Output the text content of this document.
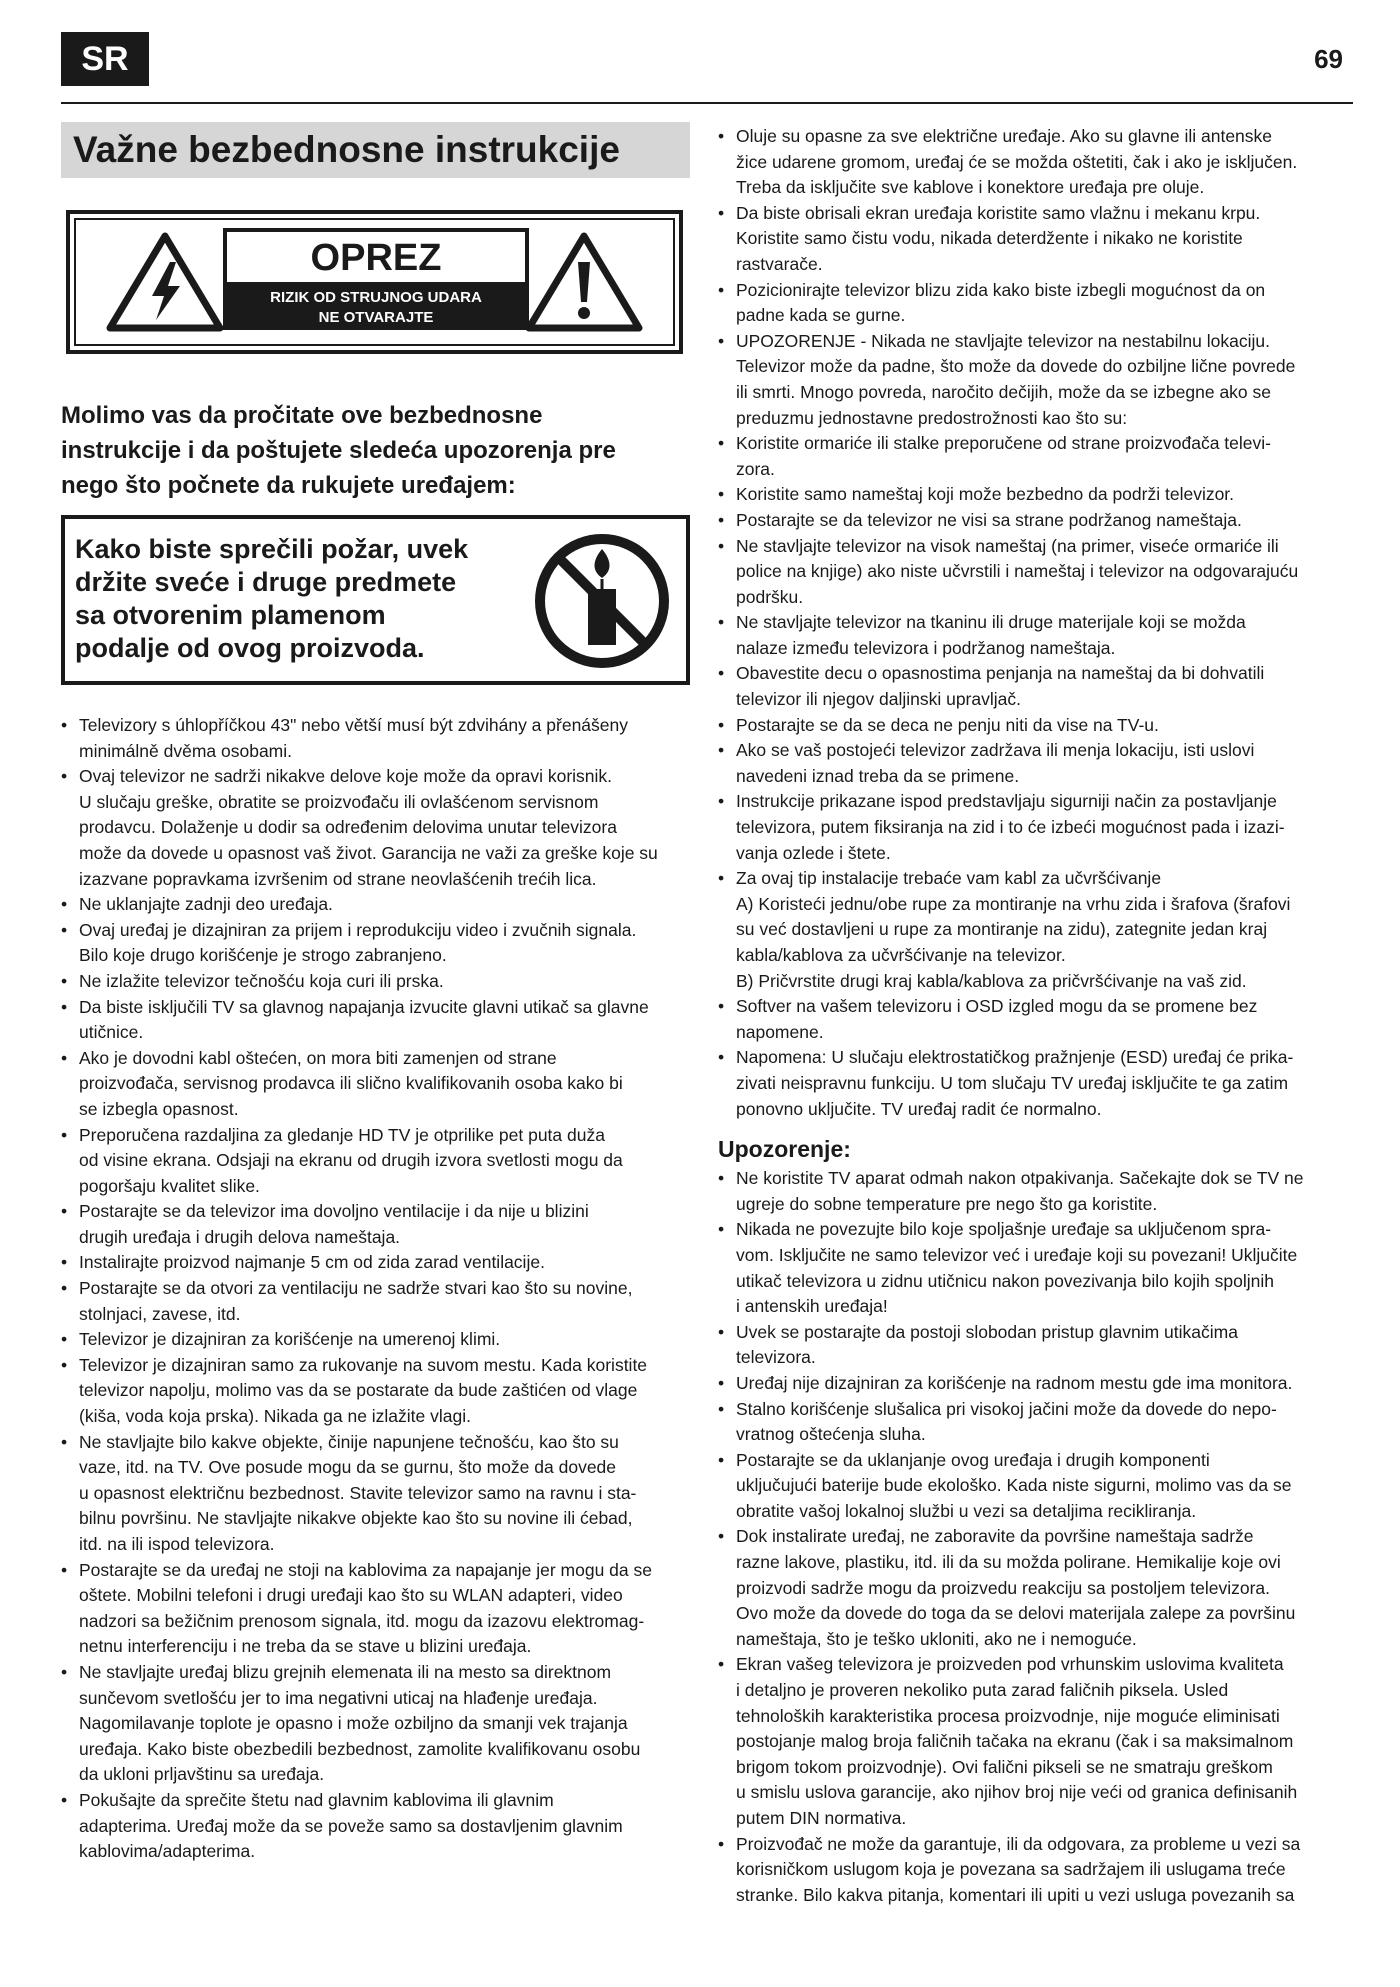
SR	69
Važne bezbednosne instrukcije
OPREZ
RIZIK OD STRUJNOG UDARA
NE OTVARAJTE
Molimo vas da pročitate ove bezbednosne
instrukcije i da poštujete sledeća upozorenja pre
nego što počnete da rukujete uređajem:
Kako biste sprečili požar, uvek
držite sveće i druge predmete
sa otvorenim plamenom
podalje od ovog proizvoda.
• Televizory s úhlopříčkou 43" nebo větší musí být zdvihány a přenášeny
minimálně dvěma osobami.
• Ovaj televizor ne sadrži nikakve delove koje može da opravi korisnik.
U slučaju greške, obratite se proizvođaču ili ovlašćenom servisnom
prodavcu. Dolaženje u dodir sa određenim delovima unutar televizora
može da dovede u opasnost vaš život. Garancija ne važi za greške koje su
izazvane popravkama izvršenim od strane neovlašćenih trećih lica.
• Ne uklanjajte zadnji deo uređaja.
• Ovaj uređaj je dizajniran za prijem i reprodukciju video i zvučnih signala.
Bilo koje drugo korišćenje je strogo zabranjeno.
• Ne izlažite televizor tečnošću koja curi ili prska.
• Da biste isključili TV sa glavnog napajanja izvucite glavni utikač sa glavne
utičnice.
• Ako je dovodni kabl oštećen, on mora biti zamenjen od strane
proizvođača, servisnog prodavca ili slično kvalifikovanih osoba kako bi
se izbegla opasnost.
• Preporučena razdaljina za gledanje HD TV je otprilike pet puta duža
od visine ekrana. Odsjaji na ekranu od drugih izvora svetlosti mogu da
pogoršaju kvalitet slike.
• Postarajte se da televizor ima dovoljno ventilacije i da nije u blizini
drugih uređaja i drugih delova nameštaja.
• Instalirajte proizvod najmanje 5 cm od zida zarad ventilacije.
• Postarajte se da otvori za ventilaciju ne sadrže stvari kao što su novine,
stolnjaci, zavese, itd.
• Televizor je dizajniran za korišćenje na umerenoj klimi.
• Televizor je dizajniran samo za rukovanje na suvom mestu. Kada koristite
televizor napolju, molimo vas da se postarate da bude zaštićen od vlage
(kiša, voda koja prska). Nikada ga ne izlažite vlagi.
• Ne stavljajte bilo kakve objekte, činije napunjene tečnošću, kao što su
vaze, itd. na TV. Ove posude mogu da se gurnu, što može da dovede
u opasnost električnu bezbednost. Stavite televizor samo na ravnu i sta-
bilnu površinu. Ne stavljajte nikakve objekte kao što su novine ili ćebad,
itd. na ili ispod televizora.
• Postarajte se da uređaj ne stoji na kablovima za napajanje jer mogu da se
oštete. Mobilni telefoni i drugi uređaji kao što su WLAN adapteri, video
nadzori sa bežičnim prenosom signala, itd. mogu da izazovu elektromag-
netnu interferenciju i ne treba da se stave u blizini uređaja.
• Ne stavljajte uređaj blizu grejnih elemenata ili na mesto sa direktnom
sunčevom svetlošću jer to ima negativni uticaj na hlađenje uređaja.
Nagomilavanje toplote je opasno i može ozbiljno da smanji vek trajanja
uređaja. Kako biste obezbedili bezbednost, zamolite kvalifikovanu osobu
da ukloni prljavštinu sa uređaja.
• Pokušajte da sprečite štetu nad glavnim kablovima ili glavnim
adapterima. Uređaj može da se poveže samo sa dostavljenim glavnim
kablovima/adapterima.
• Oluje su opasne za sve električne uređaje. Ako su glavne ili antenske
žice udarene gromom, uređaj će se možda oštetiti, čak i ako je isključen.
Treba da isključite sve kablove i konektore uređaja pre oluje.
• Da biste obrisali ekran uređaja koristite samo vlažnu i mekanu krpu.
Koristite samo čistu vodu, nikada deterdžente i nikako ne koristite
rastvarače.
• Pozicionirajte televizor blizu zida kako biste izbegli mogućnost da on
padne kada se gurne.
• UPOZORENJE - Nikada ne stavljajte televizor na nestabilnu lokaciju.
Televizor može da padne, što može da dovede do ozbiljne lične povrede
ili smrti. Mnogo povreda, naročito dečijih, može da se izbegne ako se
preduzmu jednostavne predostrožnosti kao što su:
• Koristite ormariće ili stalke preporučene od strane proizvođača televi-
zora.
• Koristite samo nameštaj koji može bezbedno da podrži televizor.
• Postarajte se da televizor ne visi sa strane podržanog nameštaja.
• Ne stavljajte televizor na visok nameštaj (na primer, viseće ormariće ili
police na knjige) ako niste učvrstili i nameštaj i televizor na odgovarajuću
podršku.
• Ne stavljajte televizor na tkaninu ili druge materijale koji se možda
nalaze između televizora i podržanog nameštaja.
• Obavestite decu o opasnostima penjanja na nameštaj da bi dohvatili
televizor ili njegov daljinski upravljač.
• Postarajte se da se deca ne penju niti da vise na TV-u.
• Ako se vaš postojeći televizor zadržava ili menja lokaciju, isti uslovi
navedeni iznad treba da se primene.
• Instrukcije prikazane ispod predstavljaju sigurniji način za postavljanje
televizora, putem fiksiranja na zid i to će izbeći mogućnost pada i izazi-
vanja ozlede i štete.
• Za ovaj tip instalacije trebaće vam kabl za učvršćivanje
A) Koristeći jednu/obe rupe za montiranje na vrhu zida i šrafova (šrafovi
su već dostavljeni u rupe za montiranje na zidu), zategnite jedan kraj
kabla/kablova za učvršćivanje na televizor.
B) Pričvrstite drugi kraj kabla/kablova za pričvršćivanje na vaš zid.
• Softver na vašem televizoru i OSD izgled mogu da se promene bez
napomene.
• Napomena: U slučaju elektrostatičkog pražnjenje (ESD) uređaj će prika-
zivati neispravnu funkciju. U tom slučaju TV uređaj isključite te ga zatim
ponovno uključite. TV uređaj radit će normalno.
Upozorenje:
• Ne koristite TV aparat odmah nakon otpakivanja. Sačekajte dok se TV ne
ugreje do sobne temperature pre nego što ga koristite.
• Nikada ne povezujte bilo koje spoljašnje uređaje sa uključenom spra-
vom. Isključite ne samo televizor već i uređaje koji su povezani! Uključite
utikač televizora u zidnu utičnicu nakon povezivanja bilo kojih spoljnih
i antenskih uređaja!
• Uvek se postarajte da postoji slobodan pristup glavnim utikačima
televizora.
• Uređaj nije dizajniran za korišćenje na radnom mestu gde ima monitora.
• Stalno korišćenje slušalica pri visokoj jačini može da dovede do nepo-
vratnog oštećenja sluha.
• Postarajte se da uklanjanje ovog uređaja i drugih komponenti
uključujući baterije bude ekološko. Kada niste sigurni, molimo vas da se
obratite vašoj lokalnoj službi u vezi sa detaljima recikliranja.
• Dok instalirate uređaj, ne zaboravite da površine nameštaja sadrže
razne lakove, plastiku, itd. ili da su možda polirane. Hemikalije koje ovi
proizvodi sadrže mogu da proizvedu reakciju sa postoljem televizora.
Ovo može da dovede do toga da se delovi materijala zalepe za površinu
nameštaja, što je teško ukloniti, ako ne i nemoguće.
• Ekran vašeg televizora je proizveden pod vrhunskim uslovima kvaliteta
i detaljno je proveren nekoliko puta zarad faličnih piksela. Usled
tehnoloških karakteristika procesa proizvodnje, nije moguće eliminisati
postojanje malog broja faličnih tačaka na ekranu (čak i sa maksimalnom
brigom tokom proizvodnje). Ovi falični pikseli se ne smatraju greškom
u smislu uslova garancije, ako njihov broj nije veći od granica definisanih
putem DIN normativa.
• Proizvođač ne može da garantuje, ili da odgovara, za probleme u vezi sa
korisničkom uslugom koja je povezana sa sadržajem ili uslugama treće
stranke. Bilo kakva pitanja, komentari ili upiti u vezi usluga povezanih sa
